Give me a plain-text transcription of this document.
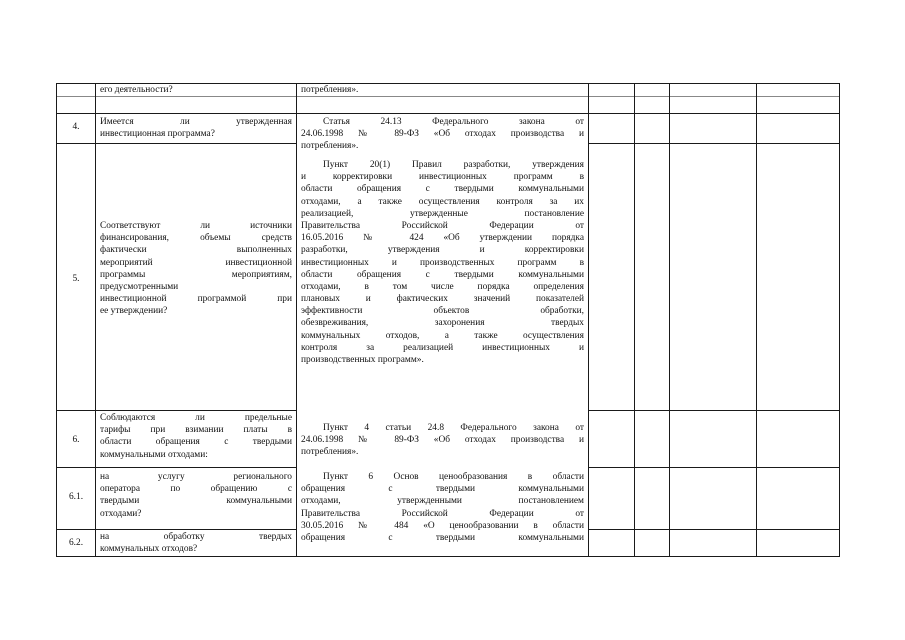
его деятельности?	потребления».
4.	Имеется ли утвержденная
инвестиционная программа?
Статья 24.13 Федерального закона от
24.06.1998 № 89-ФЗ «Об отходах производства и
потребления».
5.
Соответствуют ли источники
финансирования, объемы средств
фактически выполненных
мероприятий инвестиционной
программы мероприятиям,
предусмотренными
инвестиционной программой при
ее утверждении?
Пункт 20(1) Правил разработки, утверждения
и корректировки инвестиционных программ в
области обращения с твердыми коммунальными
отходами, а также осуществления контроля за их
реализацией, утвержденные постановление
Правительства Российской Федерации от
16.05.2016 № 424 «Об утверждении порядка
разработки, утверждения и корректировки
инвестиционных и производственных программ в
области обращения с твердыми коммунальными
отходами, в том числе порядка определения
плановых и фактических значений показателей
эффективности объектов обработки,
обезвреживания, захоронения твердых
коммунальных отходов, а также осуществления
контроля за реализацией инвестиционных и
производственных программ».
6.
Соблюдаются ли предельные
тарифы при взимании платы в
области обращения с твердыми
коммунальными отходами:
Пункт 4 статьи 24.8 Федерального закона от
24.06.1998 № 89-ФЗ «Об отходах производства и
потребления».
6.1.
на услугу регионального
оператора по обращению с
твердыми коммунальными
отходами?
Пункт 6 Основ ценообразования в области
обращения с твердыми коммунальными
отходами, утвержденными постановлением
Правительства Российской Федерации от
30.05.2016 № 484 «О ценообразовании в области
обращения с твердыми коммунальными
6.2.
на обработку твердых
коммунальных отходов?
